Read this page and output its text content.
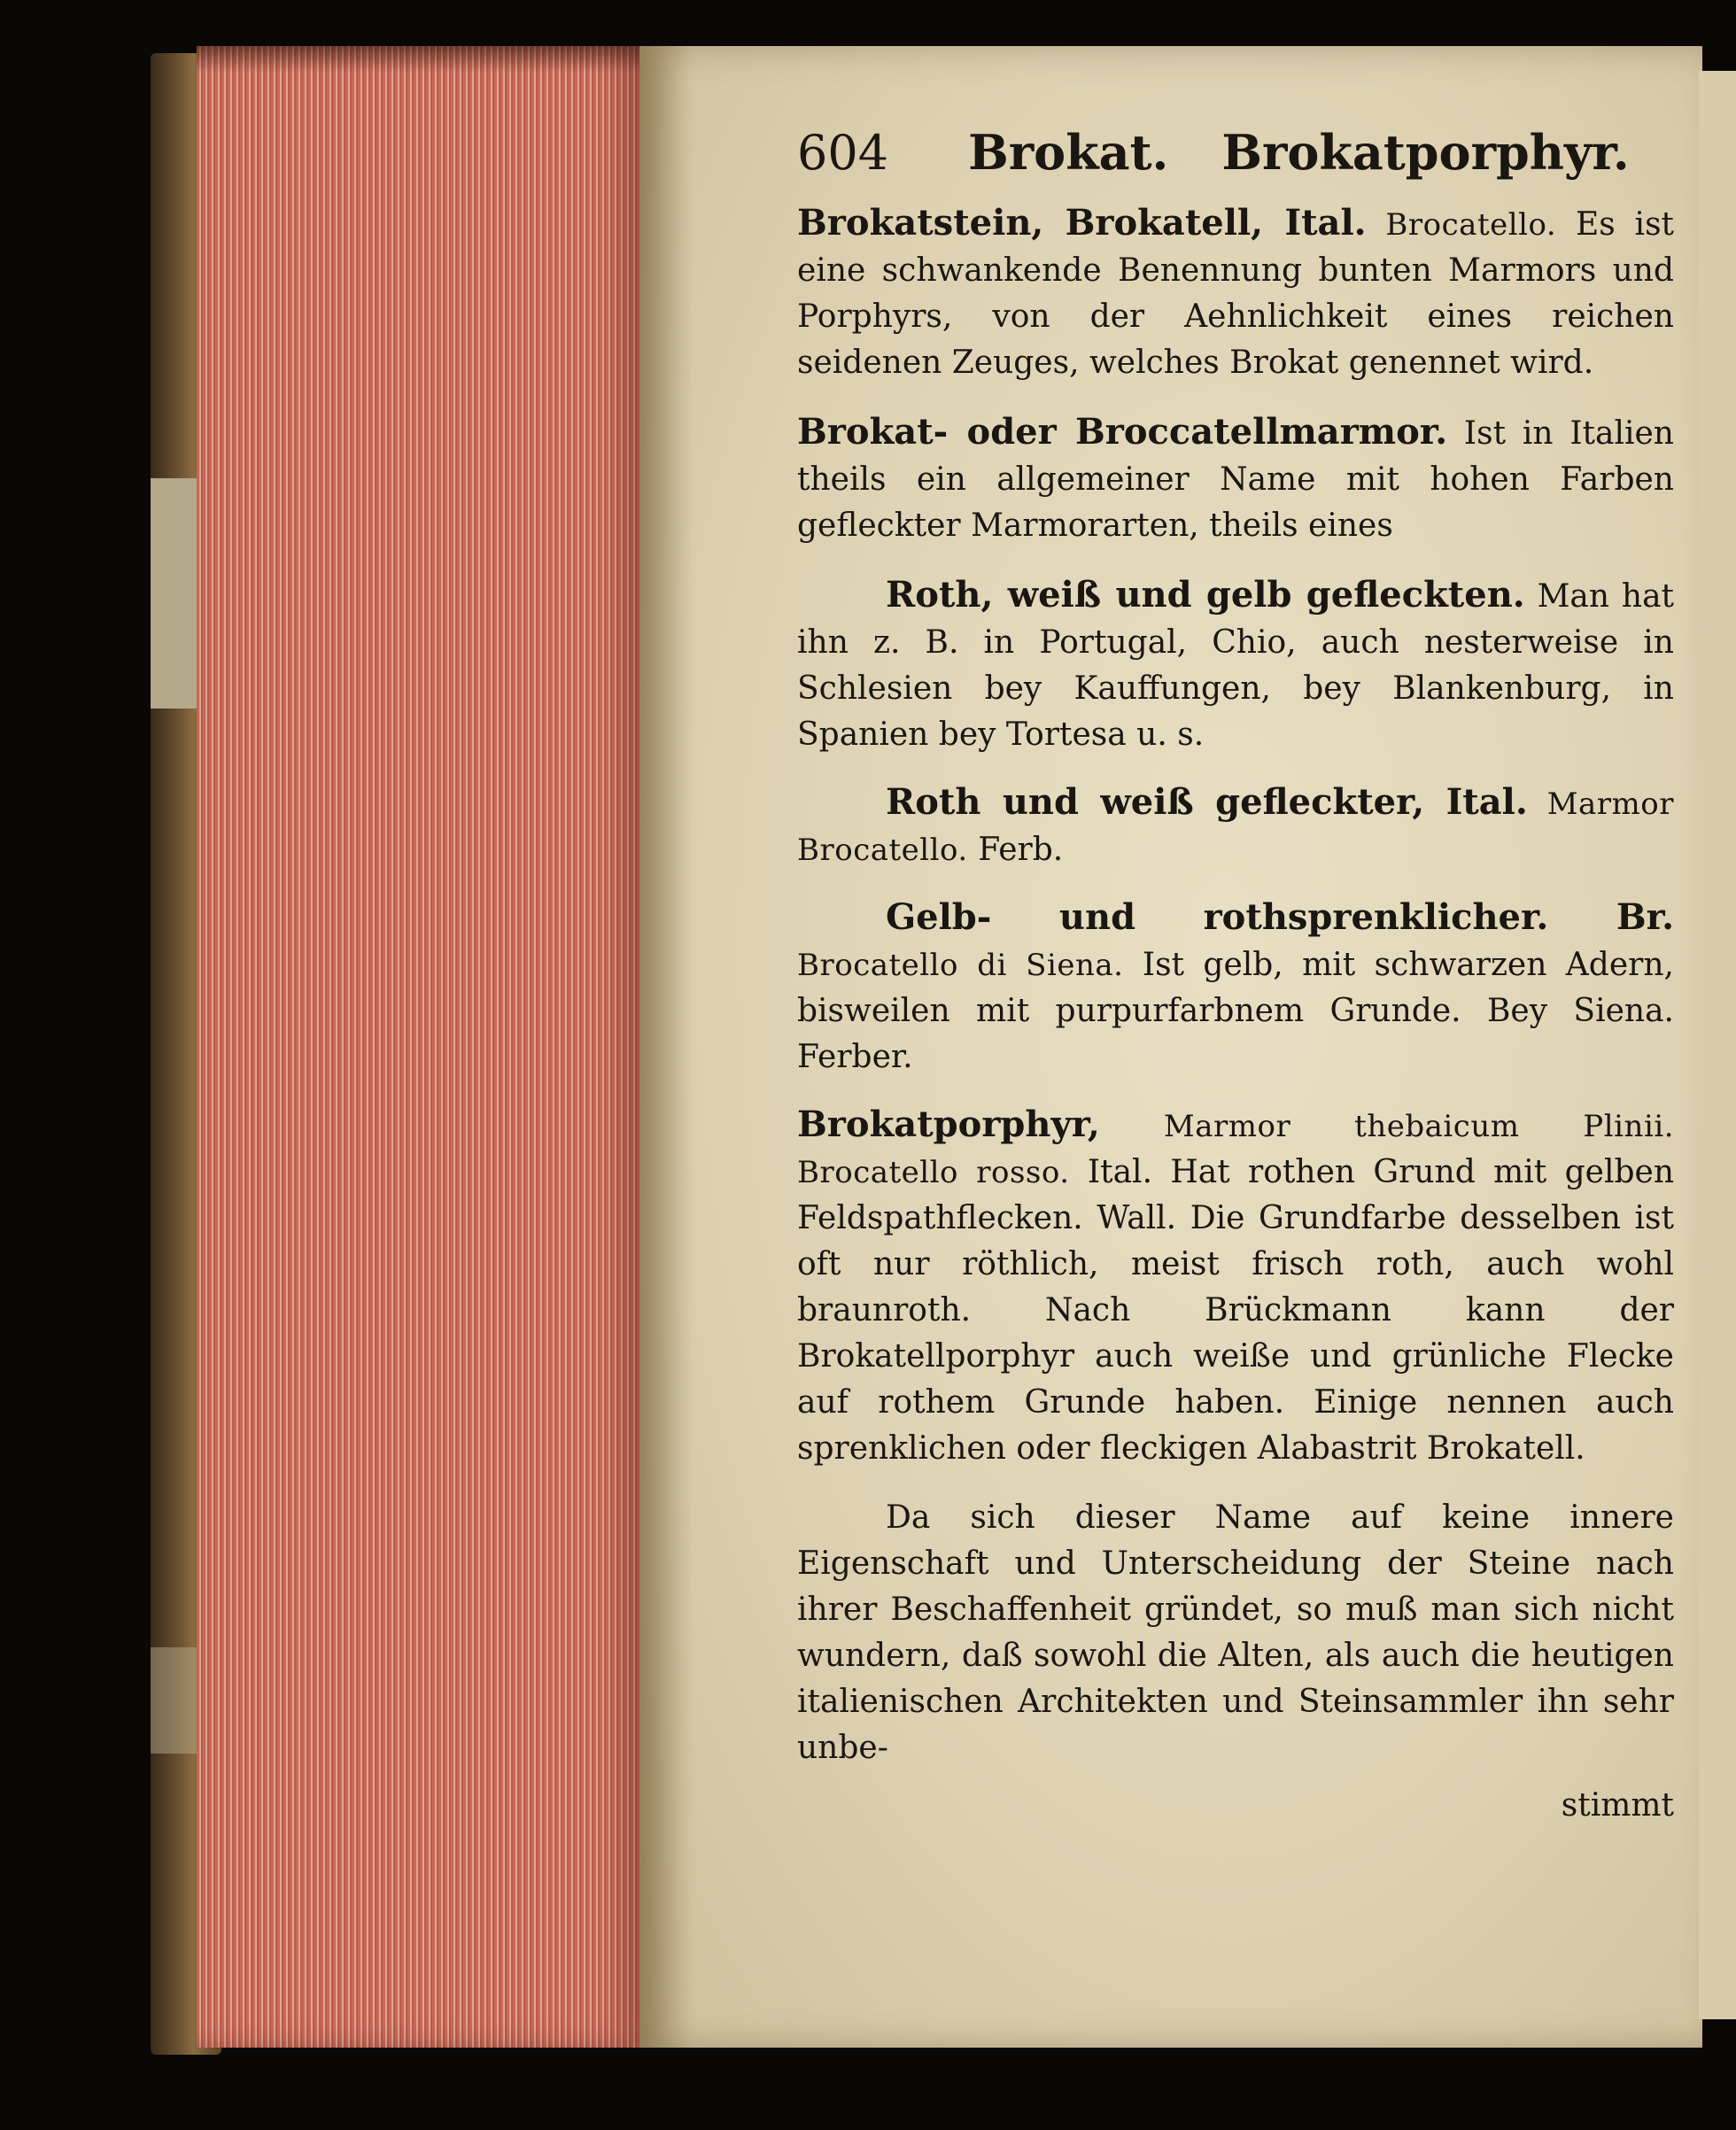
604 Brokat. Brokatporphyr.

Brokatstein, Brokatell, Ital. Brocatello. Es ist eine schwankende Benennung bunten Marmors und Porphyrs, von der Aehnlichkeit eines reichen seidenen Zeuges, welches Brokat genennet wird.

Brokat- oder Broccatellmarmor. Ist in Italien theils ein allgemeiner Name mit hohen Farben gefleckter Marmorarten, theils eines

Roth, weiß und gelb gefleckten. Man hat ihn z. B. in Portugal, Chio, auch nesterweise in Schlesien bey Kauffungen, bey Blankenburg, in Spanien bey Tortesa u. s.

Roth und weiß gefleckter, Ital. Marmor Brocatello. Ferb.

Gelb- und rothsprenklicher. Br. Brocatello di Siena. Ist gelb, mit schwarzen Adern, bisweilen mit purpurfarbnem Grunde. Bey Siena. Ferber.

Brokatporphyr, Marmor thebaicum Plinii. Brocatello rosso. Ital. Hat rothen Grund mit gelben Feldspathflecken. Wall. Die Grundfarbe desselben ist oft nur röthlich, meist frisch roth, auch wohl braunroth. Nach Brückmann kann der Brokatellporphyr auch weiße und grünliche Flecke auf rothem Grunde haben. Einige nennen auch sprenklichen oder fleckigen Alabastrit Brokatell.

Da sich dieser Name auf keine innere Eigenschaft und Unterscheidung der Steine nach ihrer Beschaffenheit gründet, so muß man sich nicht wundern, daß sowohl die Alten, als auch die heutigen italienischen Architekten und Steinsammler ihn sehr unbe-

stimmt
